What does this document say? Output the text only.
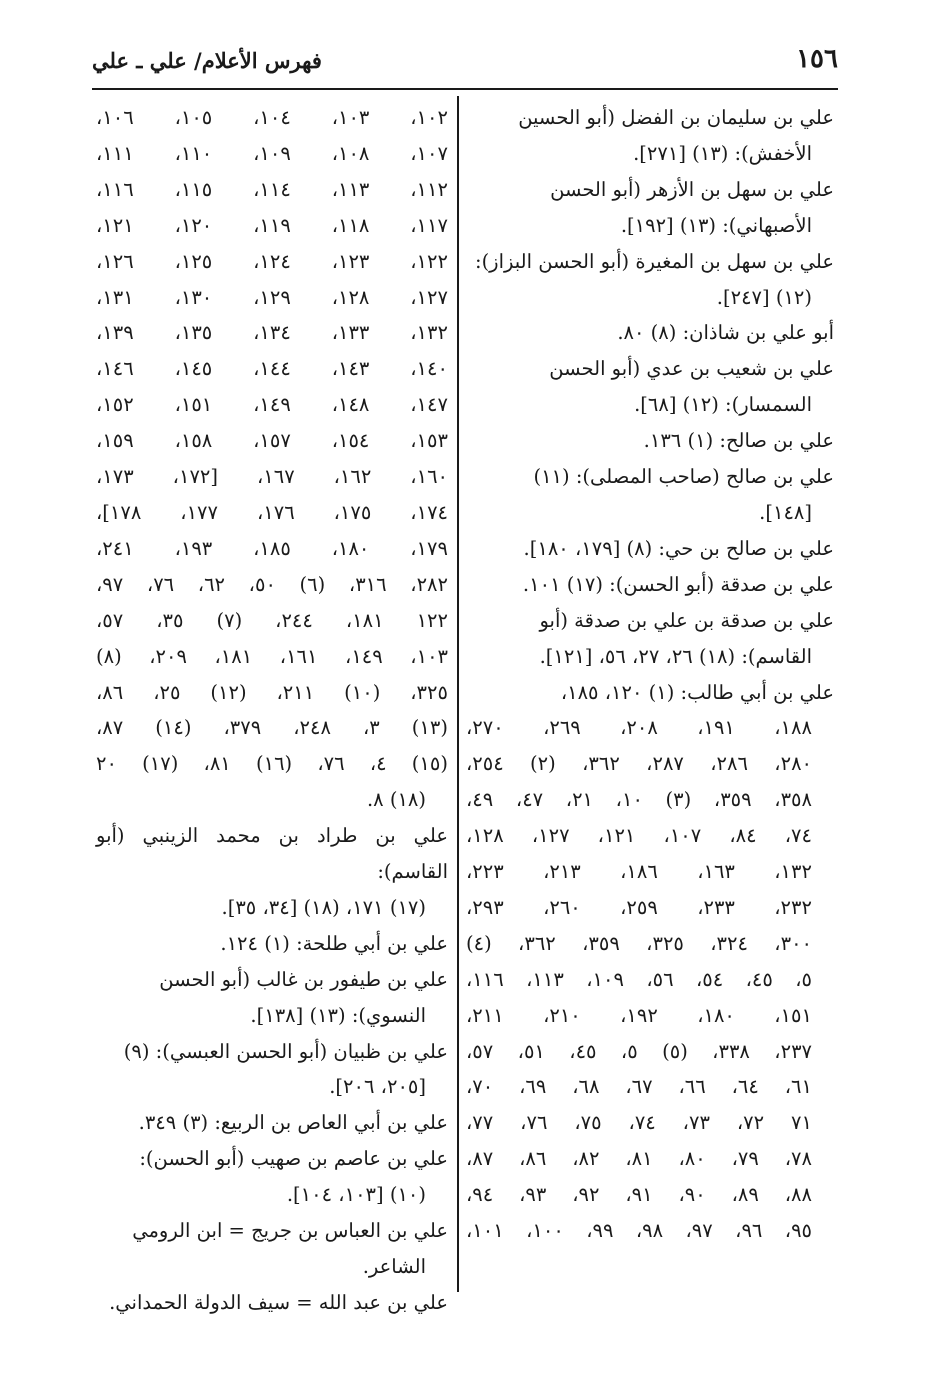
١٥٦
فهرس الأعلام/ علي ـ علي

علي بن سليمان بن الفضل (أبو الحسين
الأخفش): (١٣) [٢٧١].

علي بن سهل بن الأزهر (أبو الحسن
الأصبهاني): (١٣) [١٩٢].

علي بن سهل بن المغيرة (أبو الحسن البزاز):
(١٢) [٢٤٧].

أبو علي بن شاذان: (٨) ٨٠.

علي بن شعيب بن عدي (أبو الحسن
السمسار): (١٢) [٦٨].

علي بن صالح: (١) ١٣٦.

علي بن صالح (صاحب المصلى): (١١)
[١٤٨].

علي بن صالح بن حي: (٨) [١٧٩، ١٨٠].

علي بن صدقة (أبو الحسن): (١٧) ١٠١.

علي بن صدقة بن علي بن صدقة (أبو
القاسم): (١٨) ٢٦، ٢٧، ٥٦، [١٢١].

علي بن أبي طالب: (١) ١٢٠، ١٨٥،
١٨٨، ١٩١، ٢٠٨، ٢٦٩، ٢٧٠،
٢٨٠، ٢٨٦، ٢٨٧، ٣٦٢، (٢) ٢٥٤،
٣٥٨، ٣٥٩، (٣) ١٠، ٢١، ٤٧، ٤٩،
٧٤، ٨٤، ١٠٧، ١٢١، ١٢٧، ١٢٨،
١٣٢، ١٦٣، ١٨٦، ٢١٣، ٢٢٣،
٢٣٢، ٢٣٣، ٢٥٩، ٢٦٠، ٢٩٣،
٣٠٠، ٣٢٤، ٣٢٥، ٣٥٩، ٣٦٢، (٤)
٥، ٤٥، ٥٤، ٥٦، ١٠٩، ١١٣، ١١٦،
١٥١، ١٨٠، ١٩٢، ٢١٠، ٢١١،
٢٣٧، ٣٣٨، (٥) ٥، ٤٥، ٥١، ٥٧،
٦١، ٦٤، ٦٦، ٦٧، ٦٨، ٦٩، ٧٠،
٧١ ٧٢، ٧٣، ٧٤، ٧٥، ٧٦، ٧٧،
٧٨، ٧٩، ٨٠، ٨١، ٨٢، ٨٦، ٨٧،
٨٨، ٨٩، ٩٠، ٩١، ٩٢، ٩٣، ٩٤،
٩٥، ٩٦، ٩٧، ٩٨، ٩٩، ١٠٠، ١٠١،

١٠٢، ١٠٣، ١٠٤، ١٠٥، ١٠٦،
١٠٧، ١٠٨، ١٠٩، ١١٠، ١١١،
١١٢، ١١٣، ١١٤، ١١٥، ١١٦،
١١٧، ١١٨، ١١٩، ١٢٠، ١٢١،
١٢٢، ١٢٣، ١٢٤، ١٢٥، ١٢٦،
١٢٧، ١٢٨، ١٢٩، ١٣٠، ١٣١،
١٣٢، ١٣٣، ١٣٤، ١٣٥، ١٣٩،
١٤٠، ١٤٣، ١٤٤، ١٤٥، ١٤٦،
١٤٧، ١٤٨، ١٤٩، ١٥١، ١٥٢،
١٥٣، ١٥٤، ١٥٧، ١٥٨، ١٥٩،
١٦٠، ١٦٢، ١٦٧، [١٧٢، ١٧٣،
١٧٤، ١٧٥، ١٧٦، ١٧٧، ١٧٨]،
١٧٩، ١٨٠، ١٨٥، ١٩٣، ٢٤١،
٢٨٢، ٣١٦، (٦) ٥٠، ٦٢، ٧٦، ٩٧،
١٢٢ ١٨١، ٢٤٤، (٧) ٣٥، ٥٧،
١٠٣، ١٤٩، ١٦١، ١٨١، ٢٠٩، (٨)
٣٢٥، (١٠) ٢١١، (١٢) ٢٥، ٨٦،
(١٣) ٣، ٢٤٨، ٣٧٩، (١٤) ٨٧،
(١٥) ٤، ٧٦، (١٦) ٨١، (١٧) ٢٠
(١٨) ٨.

علي بن طراد بن محمد الزينبي (أبو القاسم):
(١٧) ١٧١، (١٨) [٣٤، ٣٥].

علي بن أبي طلحة: (١) ١٢٤.

علي بن طيفور بن غالب (أبو الحسن
النسوي): (١٣) [١٣٨].

علي بن ظبيان (أبو الحسن العبسي): (٩)
[٢٠٥، ٢٠٦].

علي بن أبي العاص بن الربيع: (٣) ٣٤٩.

علي بن عاصم بن صهيب (أبو الحسن):
(١٠) [١٠٣، ١٠٤].

علي بن العباس بن جريج = ابن الرومي
الشاعر.

علي بن عبد الله = سيف الدولة الحمداني.
